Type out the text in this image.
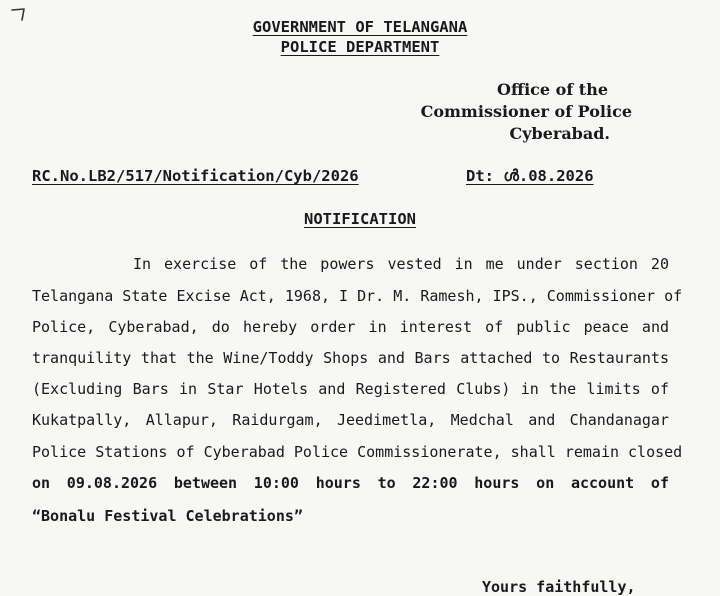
GOVERNMENT OF TELANGANA
POLICE DEPARTMENT
Office of the
Commissioner of Police
Cyberabad.
RC.No.LB2/517/Notification/Cyb/2026	Dt: ൾ.08.2026
NOTIFICATION
In exercise of the powers vested in me under section 20
Telangana State Excise Act, 1968, I Dr. M. Ramesh, IPS., Commissioner of
Police, Cyberabad, do hereby order in interest of public peace and
tranquility that the Wine/Toddy Shops and Bars attached to Restaurants
(Excluding Bars in Star Hotels and Registered Clubs) in the limits of
Kukatpally, Allapur, Raidurgam, Jeedimetla, Medchal and Chandanagar
Police Stations of Cyberabad Police Commissionerate, shall remain closed
on 09.08.2026 between 10:00 hours to 22:00 hours on account of
“Bonalu Festival Celebrations”
Yours faithfully,
